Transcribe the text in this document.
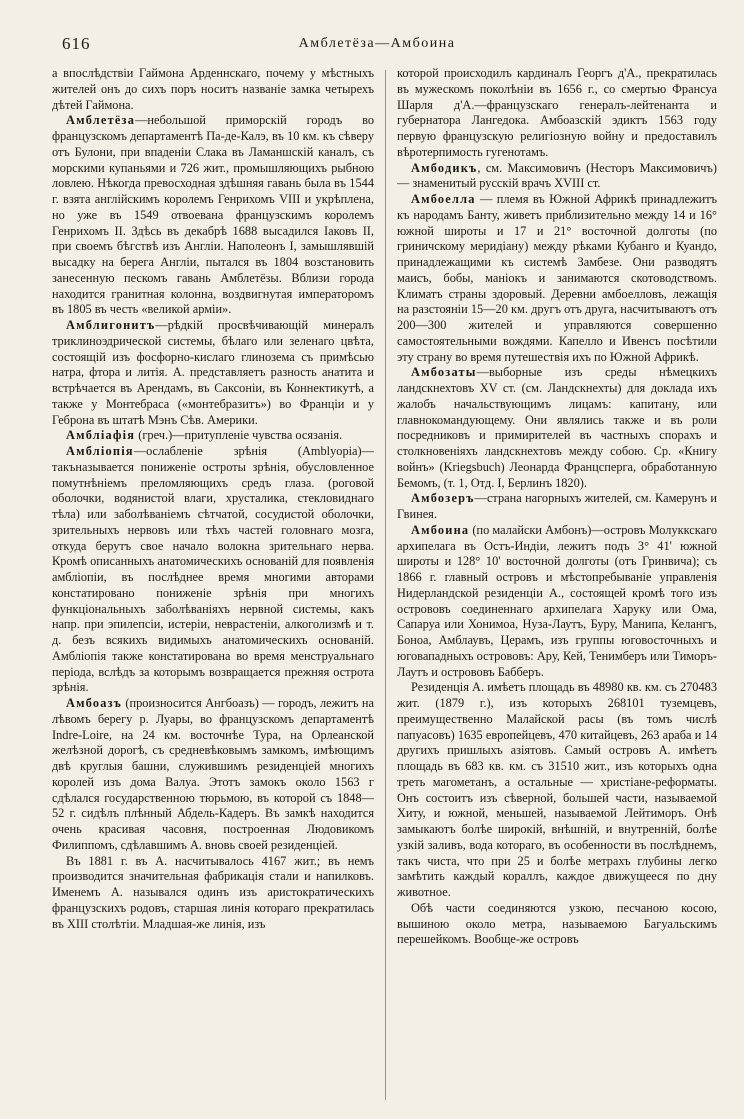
616	Амблетёза—Амбоина

а впослѣдствіи Гаймона Арденнскаго, почему у мѣстныхъ жителей онъ до сихъ поръ носитъ названіе замка четырехъ дѣтей Гаймона.

Амблетёза—небольшой приморскій городъ во французскомъ департаментѣ Па-де-Калэ, въ 10 км. къ сѣверу отъ Булони, при впаденіи Слака въ Ламаншскій каналъ, съ морскими купаньями и 726 жит., промышляющихъ рыбною ловлею. Нѣкогда превосходная здѣшняя гавань была въ 1544 г. взята англійскимъ королемъ Генрихомъ VIII и укрѣплена, но уже въ 1549 отвоевана французскимъ королемъ Генрихомъ II. Здѣсь въ декабрѣ 1688 высадился Іаковъ II, при своемъ бѣгствѣ изъ Англіи. Наполеонъ I, замышлявшій высадку на берега Англіи, пытался въ 1804 возстановить занесенную пескомъ гавань Амблетёзы. Вблизи города находится гранитная колонна, воздвигнутая императоромъ въ 1805 въ честь «великой арміи».

Амблигонитъ—рѣдкій просвѣчивающій минералъ триклиноэдрической системы, бѣлаго или зеленаго цвѣта, состоящій изъ фосфорно-кислаго глинозема съ примѣсью натра, фтора и литія. А. представляетъ разность анатита и встрѣчается въ Арендамъ, въ Саксоніи, въ Коннектикутѣ, а также у Монтебраса («монтебразитъ») во Франціи и у Геброна въ штатѣ Мэнъ Сѣв. Америки.

Амбліафія (греч.)—притупленіе чувства осязанія.

Амбліопія—ослабленіе зрѣнія (Amblyopia)—такъназывается пониженіе остроты зрѣнія, обусловленное помутнѣніемъ преломляющихъ средъ глаза. (роговой оболочки, водянистой влаги, хрусталика, стекловиднаго тѣла) или заболѣваніемъ сѣтчатой, сосудистой оболочки, зрительныхъ нервовъ или тѣхъ частей головнаго мозга, откуда берутъ свое начало волокна зрительнаго нерва. Кромѣ описанныхъ анатомическихъ основаній для появленія амбліопіи, въ послѣднее время многими авторами констатировано пониженіе зрѣнія при многихъ функціональныхъ заболѣваніяхъ нервной системы, какъ напр. при эпилепсіи, истеріи, неврастеніи, алкоголизмѣ и т. д. безъ всякихъ видимыхъ анатомическихъ основаній. Амбліопія также констатирована во время менструальнаго періода, вслѣдъ за которымъ возвращается прежняя острота зрѣнія.

Амбоазъ (произносится Ангбоазъ) — городъ, лежитъ на лѣвомъ берегу р. Луары, во французскомъ департаментѣ Indre-Loire, на 24 км. восточнѣе Тура, на Орлеанской желѣзной дорогѣ, съ средневѣковымъ замкомъ, имѣющимъ двѣ круглыя башни, служившимъ резиденціей многихъ королей изъ дома Валуа. Этотъ замокъ около 1563 г сдѣлался государственною тюрьмою, въ которой съ 1848—52 г. сидѣлъ плѣнный Абдель-Кадеръ. Въ замкѣ находится очень красивая часовня, построенная Людовикомъ Филиппомъ, сдѣлавшимъ А. вновь своей резиденціей.

Въ 1881 г. въ А. насчитывалось 4167 жит.; въ немъ производится значительная фабрикація стали и напилковъ. Именемъ А. назывался одинъ изъ аристократическихъ французскихъ родовъ, старшая линія котораго прекратилась въ XIII столѣтіи. Младшая-же линія, изъ

которой происходилъ кардиналъ Георгъ д'А., прекратилась въ мужескомъ поколѣніи въ 1656 г., со смертью Франсуа Шарля д'А.—французскаго генералъ-лейтенанта и губернатора Лангедока. Амбоазскій эдиктъ 1563 году первую французскую религіозную войну и предоставилъ вѣротерпимость гугенотамъ.

Амбодикъ, см. Максимовичъ (Несторъ Максимовичъ) — знаменитый русскій врачъ XVIII ст.

Амбоелла — племя въ Южной Африкѣ принадлежитъ къ народамъ Банту, живетъ приблизительно между 14 и 16° южной широты и 17 и 21° восточной долготы (по гриничскому меридіану) между рѣками Кубанго и Куандо, принадлежащими къ системѣ Замбезе. Они разводятъ маисъ, бобы, маніокъ и занимаются скотоводствомъ. Климатъ страны здоровый. Деревни амбоелловъ, лежащія на разстояніи 15—20 км. другъ отъ друга, насчитываютъ отъ 200—300 жителей и управляются совершенно самостоятельными вождями. Капелло и Ивенсъ посѣтили эту страну во время путешествія ихъ по Южной Африкѣ.

Амбозаты—выборные изъ среды нѣмецкихъ ландскнехтовъ XV ст. (см. Ландскнехты) для доклада ихъ жалобъ начальствующимъ лицамъ: капитану, или главнокомандующему. Они являлись также и въ роли посредниковъ и примирителей въ частныхъ спорахъ и столкновеніяхъ ландскнехтовъ между собою. Ср. «Книгу войнъ» (Kriegsbuch) Леонарда Францсперга, обработанную Бемомъ, (т. 1, Отд. I, Берлинъ 1820).

Амбозеръ—страна нагорныхъ жителей, см. Камерунъ и Гвинея.

Амбоина (по малайски Амбонъ)—островъ Молуккскаго архипелага въ Остъ-Индіи, лежитъ подъ 3° 41' южной широты и 128° 10' восточной долготы (отъ Гринвича); съ 1866 г. главный островъ и мѣстопребываніе управленія Нидерландской резиденціи А., состоящей кромѣ того изъ острововъ соединеннаго архипелага Харуку или Ома, Сапаруа или Хонимоа, Нуза-Лаутъ, Буру, Манипа, Келангъ, Боноа, Амблаувъ, Церамъ, изъ группы юговосточныхъ и юговападныхъ острововъ: Ару, Кей, Тенимберъ или Тиморъ-Лаутъ и острововъ Бабберъ.

Резиденція А. имѣетъ площадь въ 48980 кв. км. съ 270483 жит. (1879 г.), изъ которыхъ 268101 туземцевъ, преимущественно Малайской расы (въ томъ числѣ папуасовъ) 1635 европейцевъ, 470 китайцевъ, 263 араба и 14 другихъ пришлыхъ азіятовъ. Самый островъ А. имѣетъ площадь въ 683 кв. км. съ 31510 жит., изъ которыхъ одна треть магометанъ, а остальные — христіане-реформаты. Онъ состоитъ изъ сѣверной, большей части, называемой Хиту, и южной, меньшей, называемой Лейтиморъ. Онѣ замыкаютъ болѣе широкій, внѣшній, и внутренній, болѣе узкій заливъ, вода котораго, въ особенности въ послѣднемъ, такъ чиста, что при 25 и болѣе метрахъ глубины легко замѣтить каждый кораллъ, каждое движущееся по дну животное.

Обѣ части соединяются узкою, песчаною косою, вышиною около метра, называемою Багуальскимъ перешейкомъ. Вообще-же островъ
